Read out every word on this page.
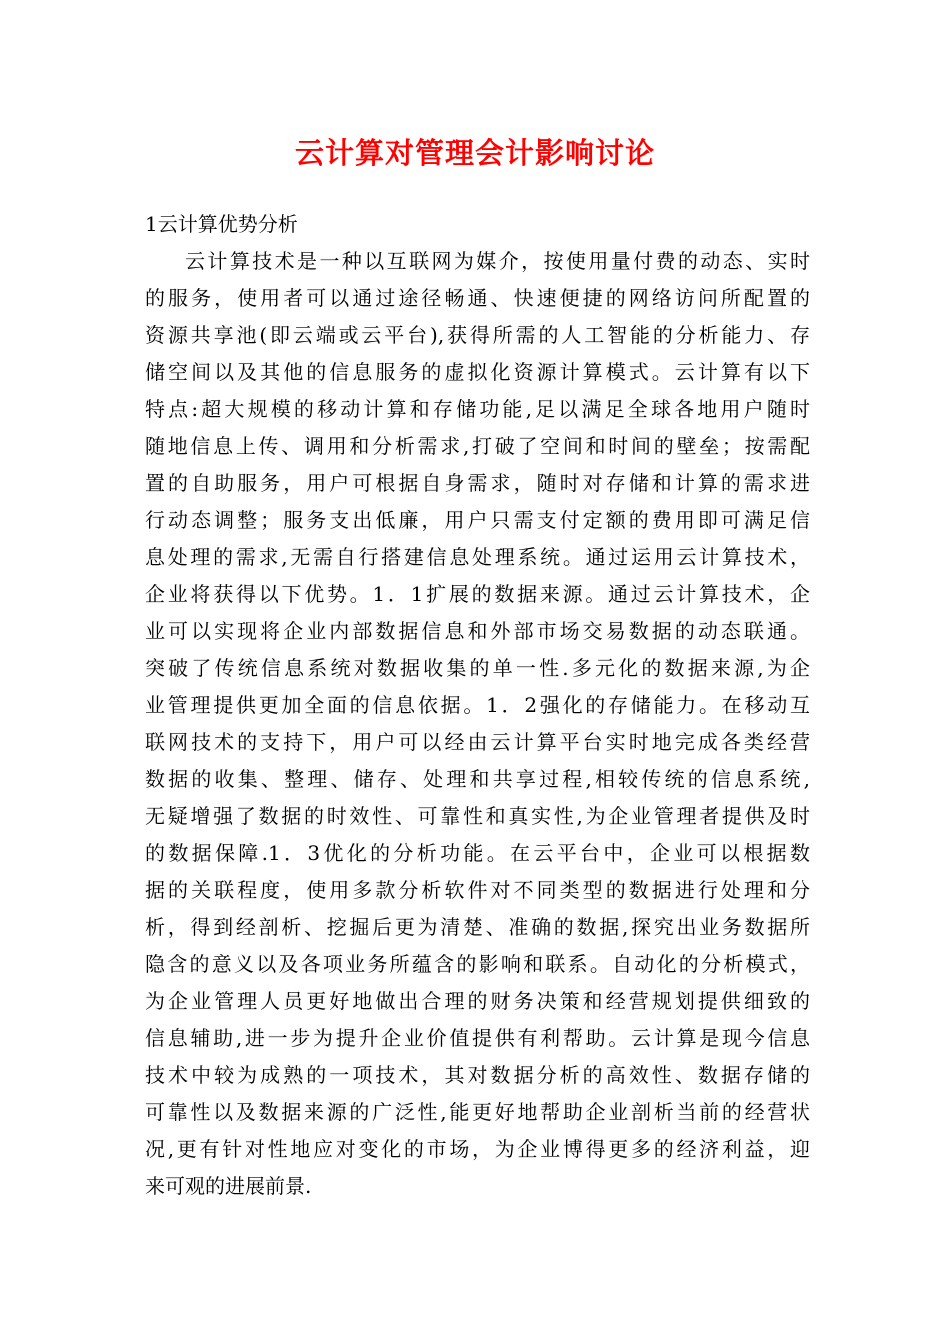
云计算对管理会计影响讨论
1云计算优势分析
云计算技术是一种以互联网为媒介，按使用量付费的动态、实时
的服务，使用者可以通过途径畅通、快速便捷的网络访问所配置的
资源共享池(即云端或云平台),获得所需的人工智能的分析能力、存
储空间以及其他的信息服务的虚拟化资源计算模式。云计算有以下
特点:超大规模的移动计算和存储功能,足以满足全球各地用户随时
随地信息上传、调用和分析需求,打破了空间和时间的壁垒；按需配
置的自助服务，用户可根据自身需求，随时对存储和计算的需求进
行动态调整；服务支出低廉，用户只需支付定额的费用即可满足信
息处理的需求,无需自行搭建信息处理系统。通过运用云计算技术，
企业将获得以下优势。1．1扩展的数据来源。通过云计算技术，企
业可以实现将企业内部数据信息和外部市场交易数据的动态联通。
突破了传统信息系统对数据收集的单一性.多元化的数据来源,为企
业管理提供更加全面的信息依据。1．2强化的存储能力。在移动互
联网技术的支持下，用户可以经由云计算平台实时地完成各类经营
数据的收集、整理、储存、处理和共享过程,相较传统的信息系统,
无疑增强了数据的时效性、可靠性和真实性,为企业管理者提供及时
的数据保障.1．3优化的分析功能。在云平台中，企业可以根据数
据的关联程度，使用多款分析软件对不同类型的数据进行处理和分
析，得到经剖析、挖掘后更为清楚、准确的数据,探究出业务数据所
隐含的意义以及各项业务所蕴含的影响和联系。自动化的分析模式，
为企业管理人员更好地做出合理的财务决策和经营规划提供细致的
信息辅助,进一步为提升企业价值提供有利帮助。云计算是现今信息
技术中较为成熟的一项技术，其对数据分析的高效性、数据存储的
可靠性以及数据来源的广泛性,能更好地帮助企业剖析当前的经营状
况,更有针对性地应对变化的市场，为企业博得更多的经济利益，迎
来可观的进展前景.
